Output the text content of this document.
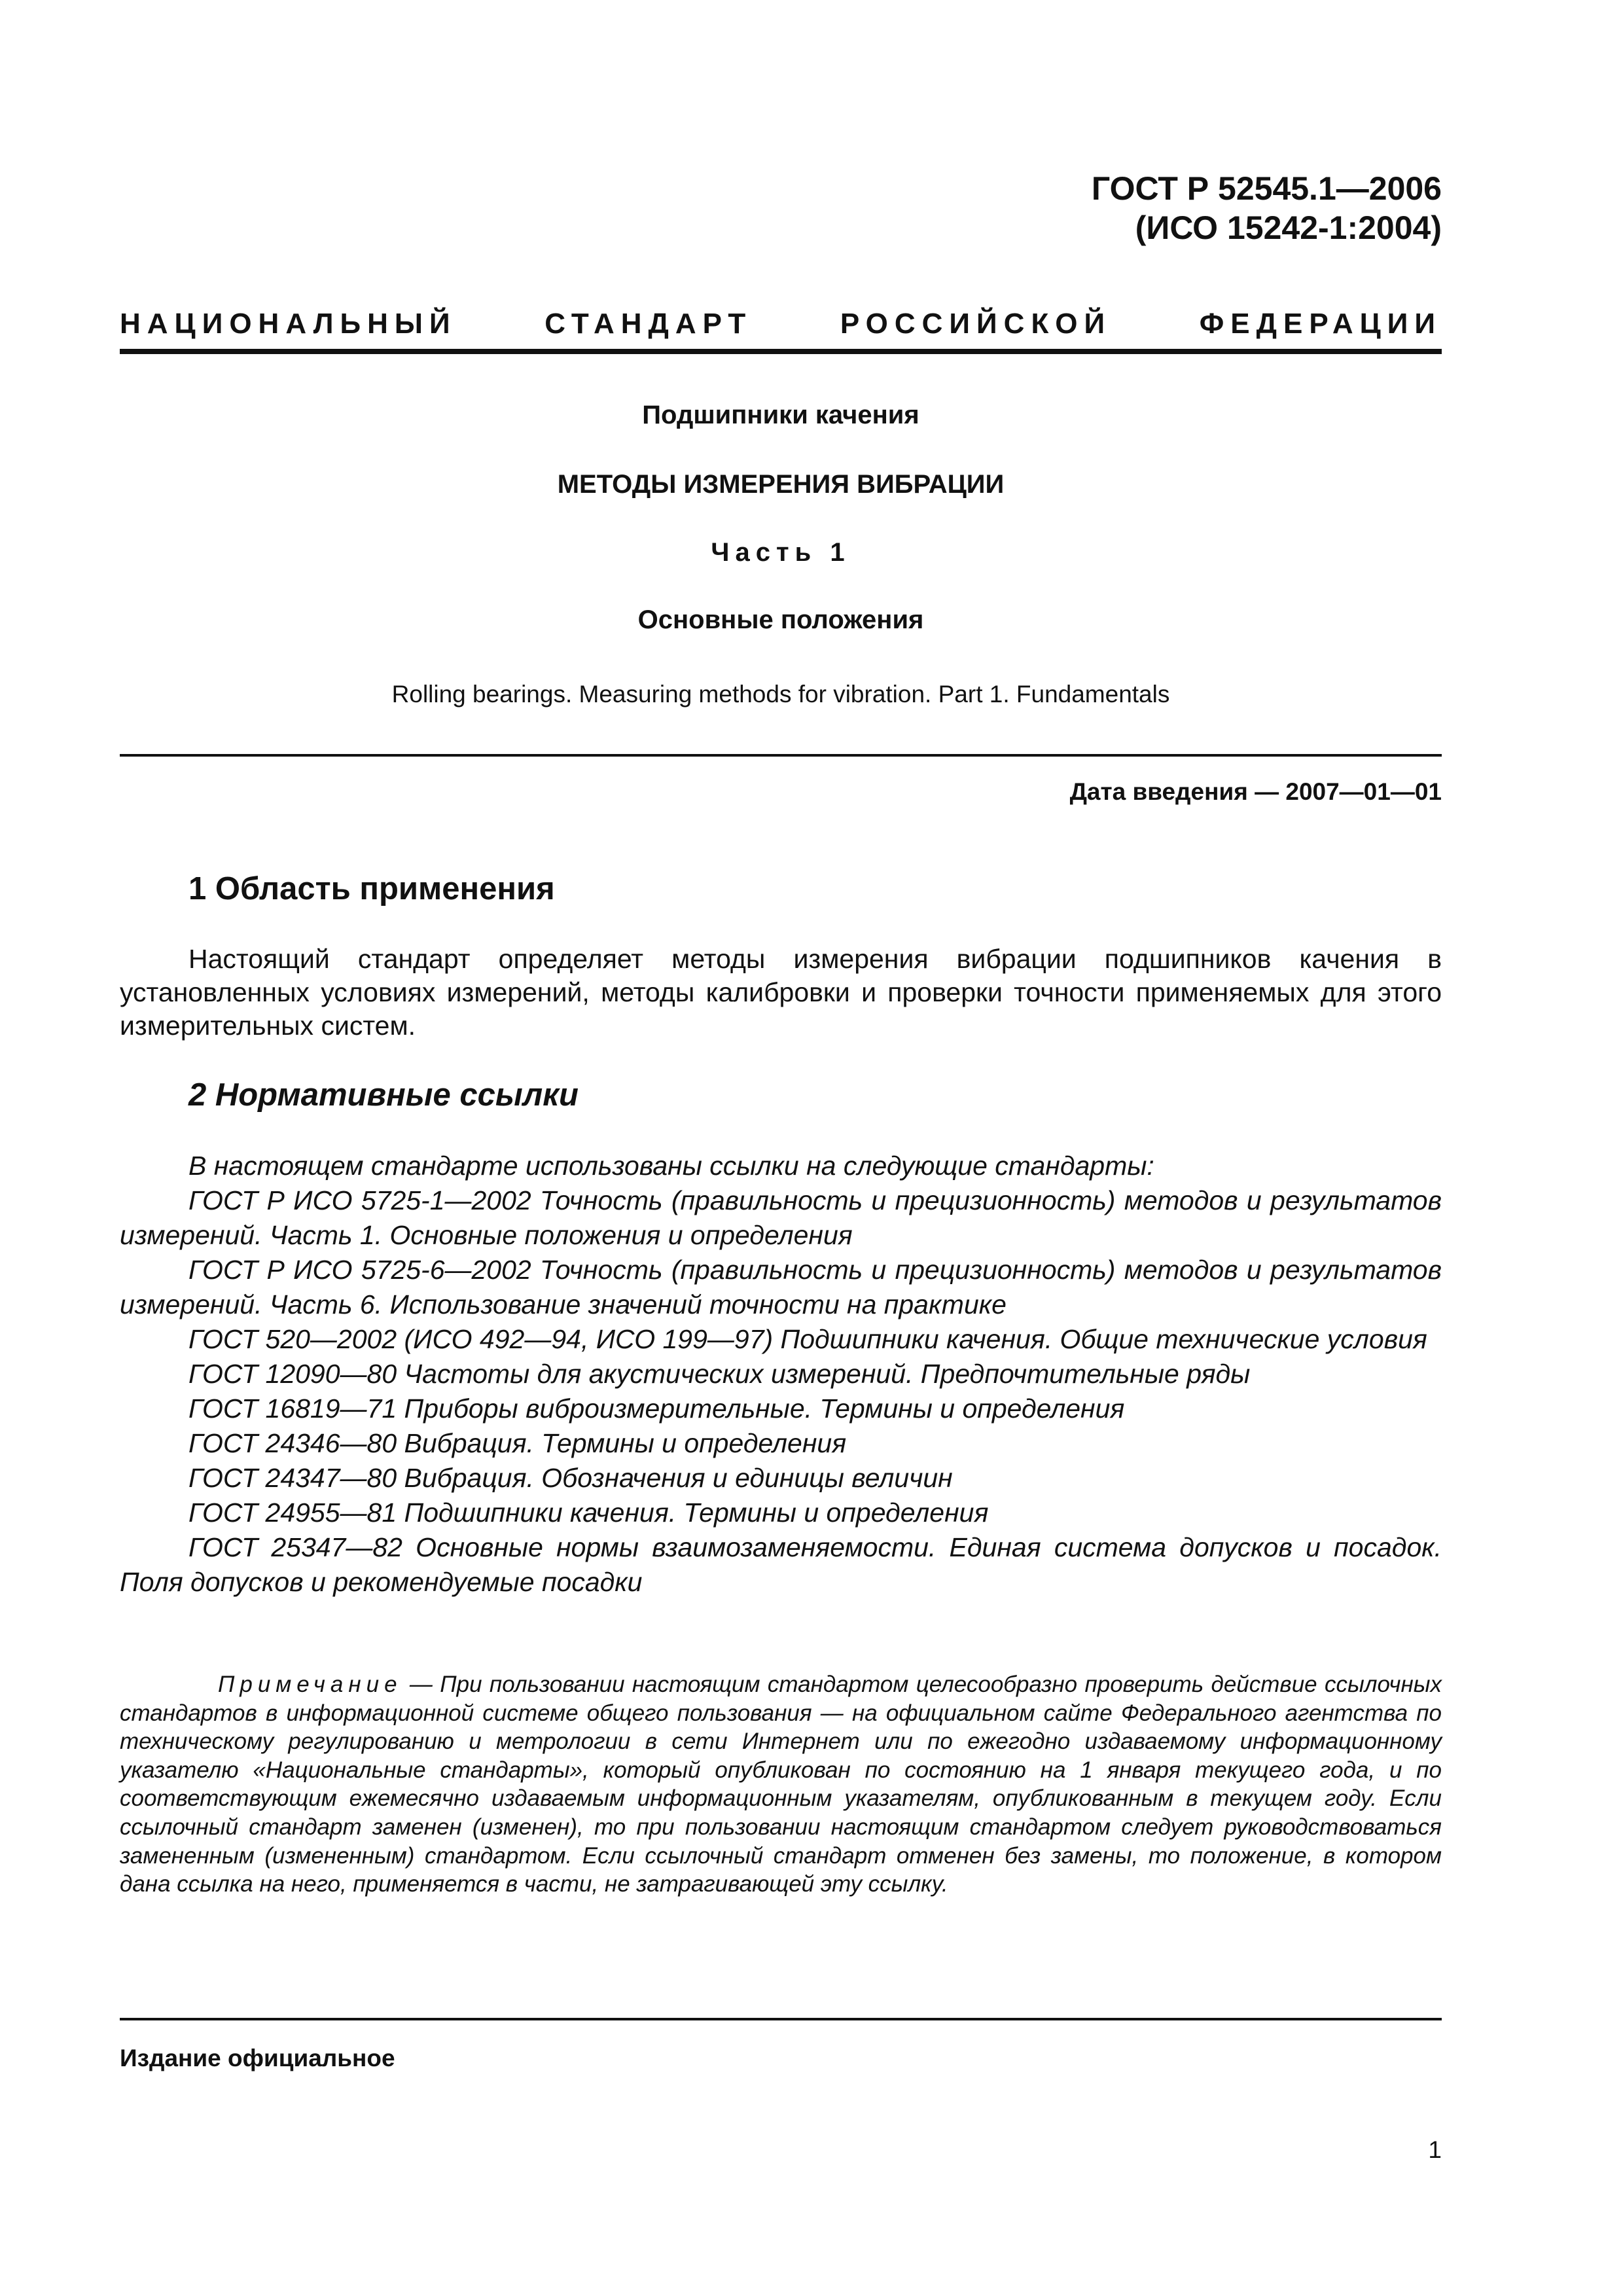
ГОСТ Р 52545.1—2006
(ИСО 15242-1:2004)
НАЦИОНАЛЬНЫЙ СТАНДАРТ РОССИЙСКОЙ ФЕДЕРАЦИИ
Подшипники качения
МЕТОДЫ ИЗМЕРЕНИЯ ВИБРАЦИИ
Часть 1
Основные положения
Rolling bearings. Measuring methods for vibration. Part 1. Fundamentals
Дата введения — 2007—01—01
1 Область применения
Настоящий стандарт определяет методы измерения вибрации подшипников качения в установленных условиях измерений, методы калибровки и проверки точности применяемых для этого измерительных систем.
2 Нормативные ссылки

В настоящем стандарте использованы ссылки на следующие стандарты:

ГОСТ Р ИСО 5725-1—2002 Точность (правильность и прецизионность) методов и результатов измерений. Часть 1. Основные положения и определения

ГОСТ Р ИСО 5725-6—2002 Точность (правильность и прецизионность) методов и результатов измерений. Часть 6. Использование значений точности на практике

ГОСТ 520—2002 (ИСО 492—94, ИСО 199—97) Подшипники качения. Общие технические условия

ГОСТ 12090—80 Частоты для акустических измерений. Предпочтительные ряды

ГОСТ 16819—71 Приборы виброизмерительные. Термины и определения

ГОСТ 24346—80 Вибрация. Термины и определения

ГОСТ 24347—80 Вибрация. Обозначения и единицы величин

ГОСТ 24955—81 Подшипники качения. Термины и определения

ГОСТ 25347—82 Основные нормы взаимозаменяемости. Единая система допусков и посадок. Поля допусков и рекомендуемые посадки

Примечание — При пользовании настоящим стандартом целесообразно проверить действие ссылочных стандартов в информационной системе общего пользования — на официальном сайте Федерального агентства по техническому регулированию и метрологии в сети Интернет или по ежегодно издаваемому информационному указателю «Национальные стандарты», который опубликован по состоянию на 1 января текущего года, и по соответствующим ежемесячно издаваемым информационным указателям, опубликованным в текущем году. Если ссылочный стандарт заменен (изменен), то при пользовании настоящим стандартом следует руководствоваться замененным (измененным) стандартом. Если ссылочный стандарт отменен без замены, то положение, в котором дана ссылка на него, применяется в части, не затрагивающей эту ссылку.

Издание официальное
1
